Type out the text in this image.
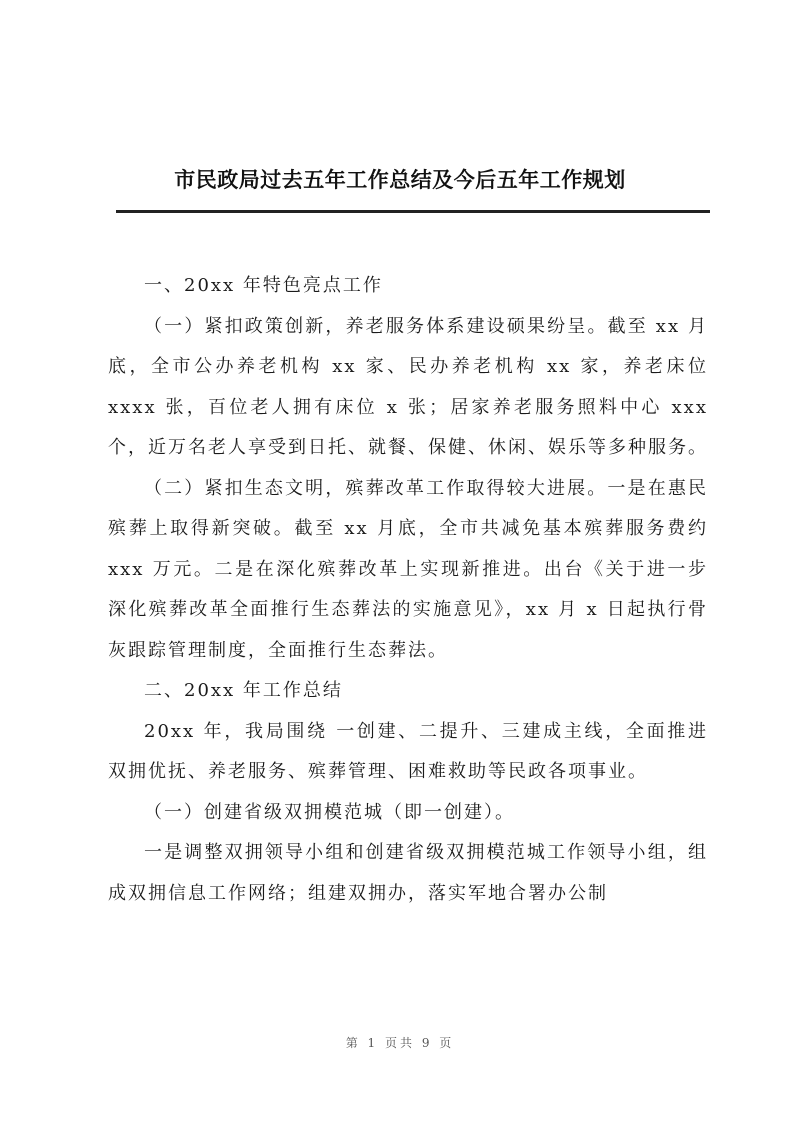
市民政局过去五年工作总结及今后五年工作规划

一、20xx 年特色亮点工作

（一）紧扣政策创新，养老服务体系建设硕果纷呈。截至 xx 月底，全市公办养老机构 xx 家、民办养老机构 xx 家，养老床位 xxxx 张，百位老人拥有床位 x 张；居家养老服务照料中心 xxx 个，近万名老人享受到日托、就餐、保健、休闲、娱乐等多种服务。

（二）紧扣生态文明，殡葬改革工作取得较大进展。一是在惠民殡葬上取得新突破。截至 xx 月底，全市共减免基本殡葬服务费约 xxx 万元。二是在深化殡葬改革上实现新推进。出台《关于进一步深化殡葬改革全面推行生态葬法的实施意见》，xx 月 x 日起执行骨灰跟踪管理制度，全面推行生态葬法。

二、20xx 年工作总结

20xx 年，我局围绕 一创建、二提升、三建成主线，全面推进双拥优抚、养老服务、殡葬管理、困难救助等民政各项事业。

（一）创建省级双拥模范城（即一创建）。

一是调整双拥领导小组和创建省级双拥模范城工作领导小组，组成双拥信息工作网络；组建双拥办，落实军地合署办公制

第 1 页共 9 页
